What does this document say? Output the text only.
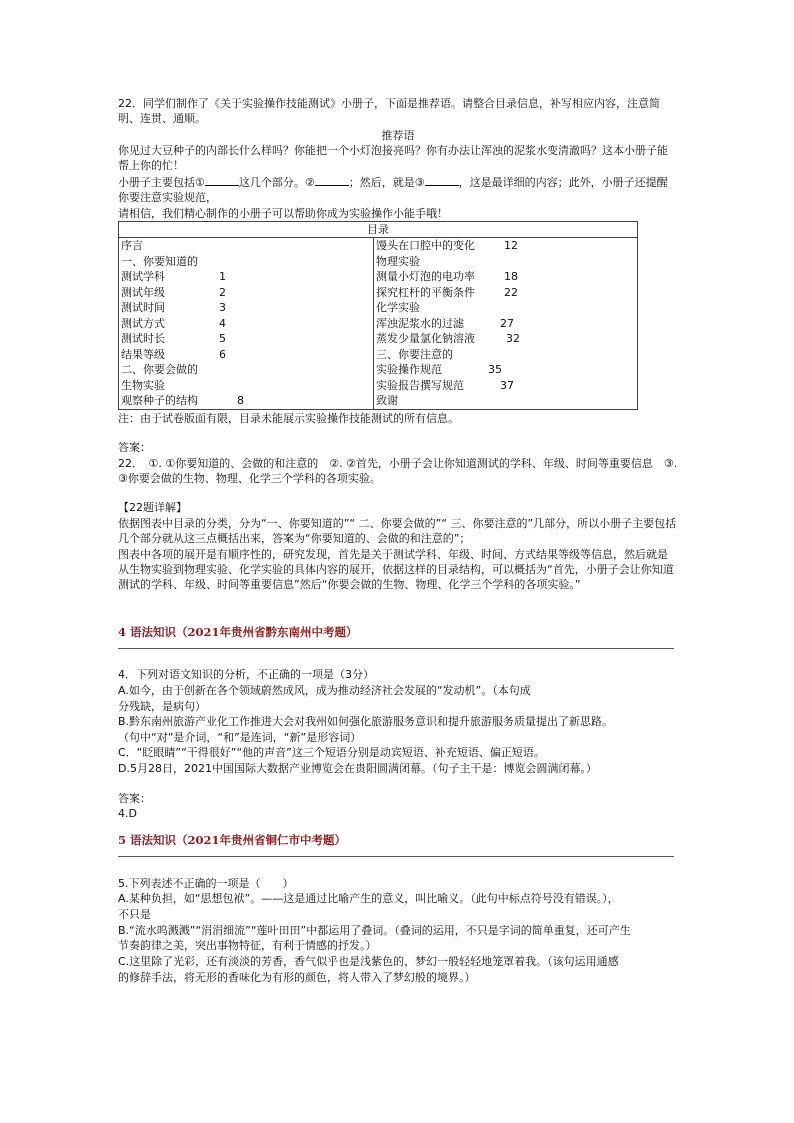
22．同学们制作了《关于实验操作技能测试》小册子，下面是推荐语。请整合目录信息，补写相应内容，注意简明、连贯、通顺。
推荐语
你见过大豆种子的内部长什么样吗？你能把一个小灯泡接亮吗？你有办法让浑浊的泥浆水变清澈吗？这本小册子能帮上你的忙！
小册子主要包括①	这几个部分。②	；然后，就是③	，这是最详细的内容；此外，小册子还提醒你要注意实验规范，
请相信，我们精心制作的小册子可以帮助你成为实验操作小能手哦！
目录

序言
一、你要知道的
测试学科	1
测试年级	2
测试时间	3
测试方式	4
测试时长	5
结果等级	6
二、你要会做的
生物实验
观察种子的结构	8

馒头在口腔中的变化	12
物理实验
测量小灯泡的电功率	18
探究杠杆的平衡条件	22
化学实验
浑浊泥浆水的过滤	27
蒸发少量氯化钠溶液	32
三、你要注意的
实验操作规范	35
实验报告撰写规范	37
致谢
注：由于试卷版面有限，目录未能展示实验操作技能测试的所有信息。
答案：
22．　①. ①你要知道的、会做的和注意的　②. ②首先，小册子会让你知道测试的学科、年级、时间等重要信息　③. ③你要会做的生物、物理、化学三个学科的各项实验。
【22题详解】
依据图表中目录的分类，分为“一、你要知道的”“ 二、你要会做的”“ 三、你要注意的”几部分，所以小册子主要包括几个部分就从这三点概括出来，答案为“你要知道的、会做的和注意的”；
图表中各项的展开是有顺序性的，研究发现，首先是关于测试学科、年级、时间、方式结果等级等信息，然后就是从生物实验到物理实验、化学实验的具体内容的展开，依据这样的目录结构，可以概括为“首先，小册子会让你知道测试的学科、年级、时间等重要信息”然后“你要会做的生物、物理、化学三个学科的各项实验。”
4 语法知识（2021年贵州省黔东南州中考题）
4．下列对语文知识的分析，不正确的一项是（3分）
A.如今，由于创新在各个领域蔚然成风，成为推动经济社会发展的“发动机”。（本句成
分残缺，是病句）
B.黔东南州旅游产业化工作推进大会对我州如何强化旅游服务意识和提升旅游服务质量提出了新思路。
（句中“对”是介词，“和”是连词，“新”是形容词）
C．“眨眼睛”“干得很好”“他的声音”这三个短语分别是动宾短语、补充短语、偏正短语。
D.5月28日，2021中国国际大数据产业博览会在贵阳圆满闭幕。（句子主干是：博览会圆满闭幕。）
答案：
4.D
5 语法知识（2021年贵州省铜仁市中考题）
5.下列表述不正确的一项是（　　）
A.某种负担，如“思想包袱”。——这是通过比喻产生的意义，叫比喻义。（此句中标点符号没有错误。），
不只是
B.“流水呜溅溅”“涓涓细流”“莲叶田田”中都运用了叠词。（叠词的运用，不只是字词的简单重复，还可产生
节奏韵律之美，突出事物特征，有利于情感的抒发。）
C.这里除了光彩，还有淡淡的芳香，香气似乎也是浅紫色的，梦幻一般轻轻地笼罩着我。（该句运用通感
的修辞手法，将无形的香味化为有形的颜色，将人带入了梦幻般的境界。）
